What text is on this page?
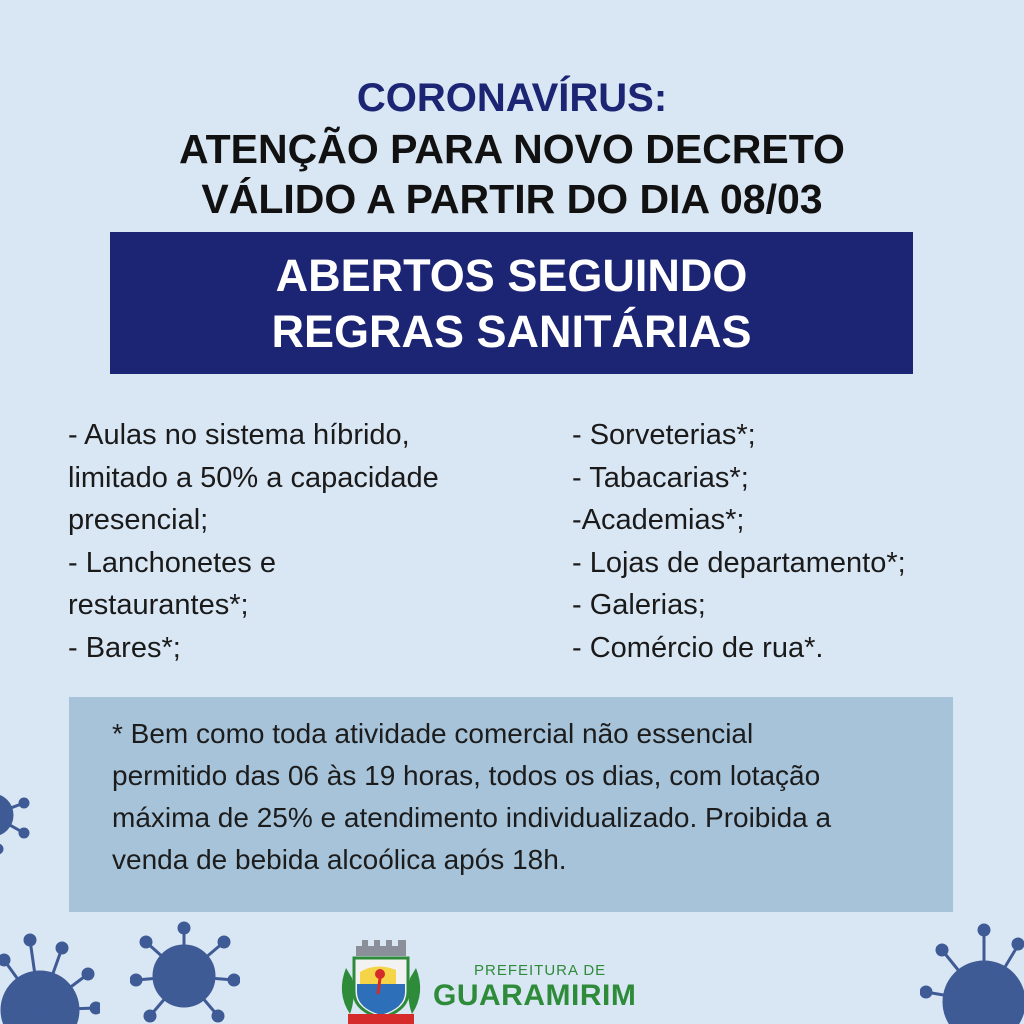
CORONAVÍRUS:
ATENÇÃO PARA NOVO DECRETO
VÁLIDO A PARTIR DO DIA 08/03
ABERTOS SEGUINDO
REGRAS SANITÁRIAS
- Aulas no sistema híbrido,
limitado a 50% a capacidade
presencial;
- Lanchonetes e
restaurantes*;
- Bares*;
- Sorveterias*;
- Tabacarias*;
-Academias*;
- Lojas de departamento*;
- Galerias;
- Comércio de rua*.
* Bem como toda atividade comercial não essencial
permitido das 06 às 19 horas, todos os dias, com lotação
máxima de 25% e atendimento individualizado. Proibida a
venda de bebida alcoólica após 18h.
PREFEITURA DE
GUARAMIRIM
